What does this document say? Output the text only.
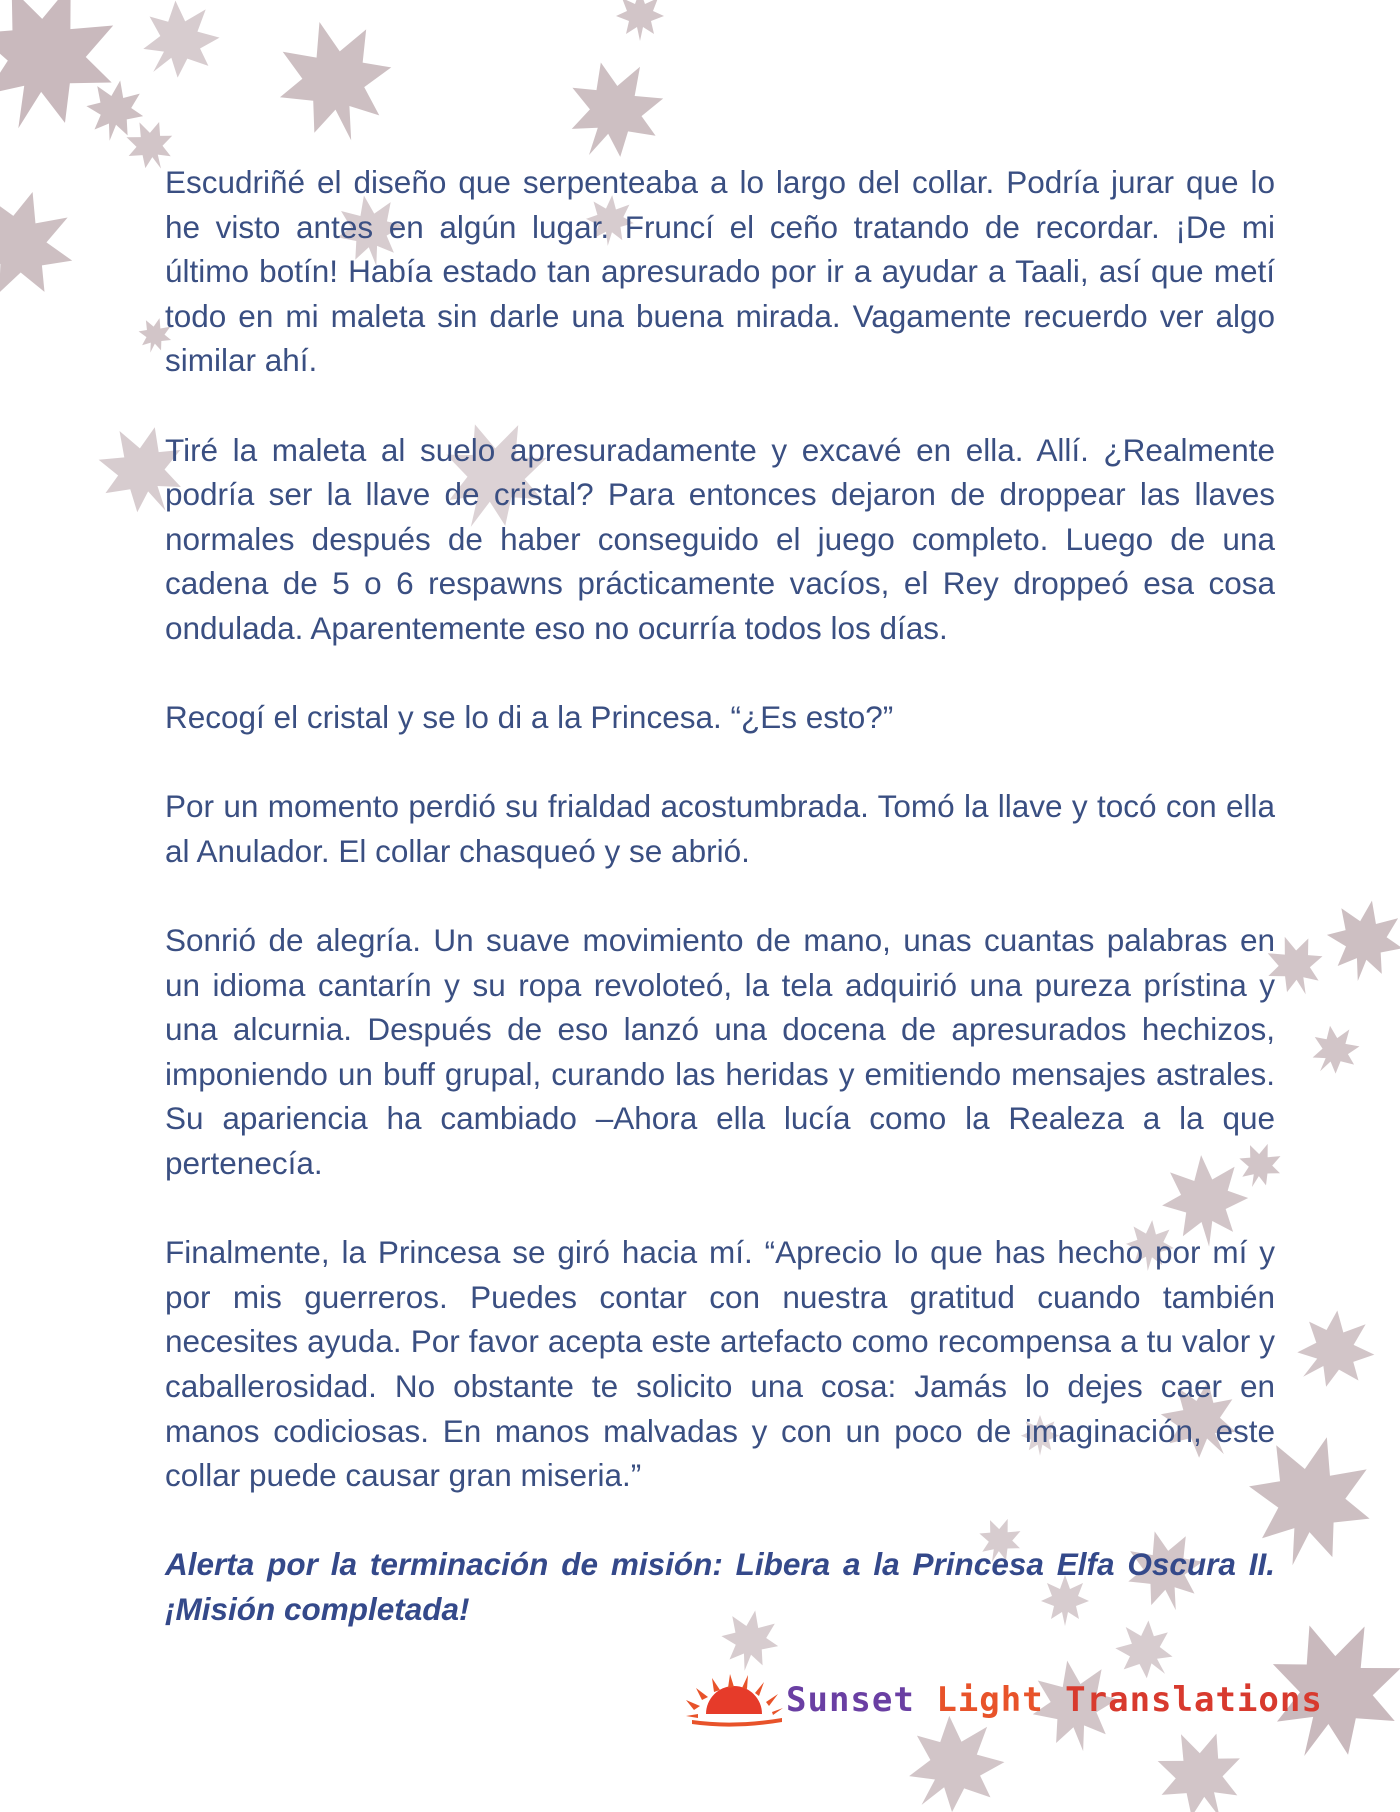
Escudriñé el diseño que serpenteaba a lo largo del collar. Podría jurar que lo he visto antes en algún lugar. Fruncí el ceño tratando de recordar. ¡De mi último botín! Había estado tan apresurado por ir a ayudar a Taali, así que metí todo en mi maleta sin darle una buena mirada. Vagamente recuerdo ver algo similar ahí.

Tiré la maleta al suelo apresuradamente y excavé en ella. Allí. ¿Realmente podría ser la llave de cristal? Para entonces dejaron de droppear las llaves normales después de haber conseguido el juego completo. Luego de una cadena de 5 o 6 respawns prácticamente vacíos, el Rey droppeó esa cosa ondulada. Aparentemente eso no ocurría todos los días.

Recogí el cristal y se lo di a la Princesa. “¿Es esto?”

Por un momento perdió su frialdad acostumbrada. Tomó la llave y tocó con ella al Anulador. El collar chasqueó y se abrió.

Sonrió de alegría. Un suave movimiento de mano, unas cuantas palabras en un idioma cantarín y su ropa revoloteó, la tela adquirió una pureza prístina y una alcurnia. Después de eso lanzó una docena de apresurados hechizos, imponiendo un buff grupal, curando las heridas y emitiendo mensajes astrales. Su apariencia ha cambiado –Ahora ella lucía como la Realeza a la que pertenecía.

Finalmente, la Princesa se giró hacia mí. “Aprecio lo que has hecho por mí y por mis guerreros. Puedes contar con nuestra gratitud cuando también necesites ayuda. Por favor acepta este artefacto como recompensa a tu valor y caballerosidad. No obstante te solicito una cosa: Jamás lo dejes caer en manos codiciosas. En manos malvadas y con un poco de imaginación, este collar puede causar gran miseria.”

Alerta por la terminación de misión: Libera a la Princesa Elfa Oscura II. ¡Misión completada!

Sunset Light Translations
